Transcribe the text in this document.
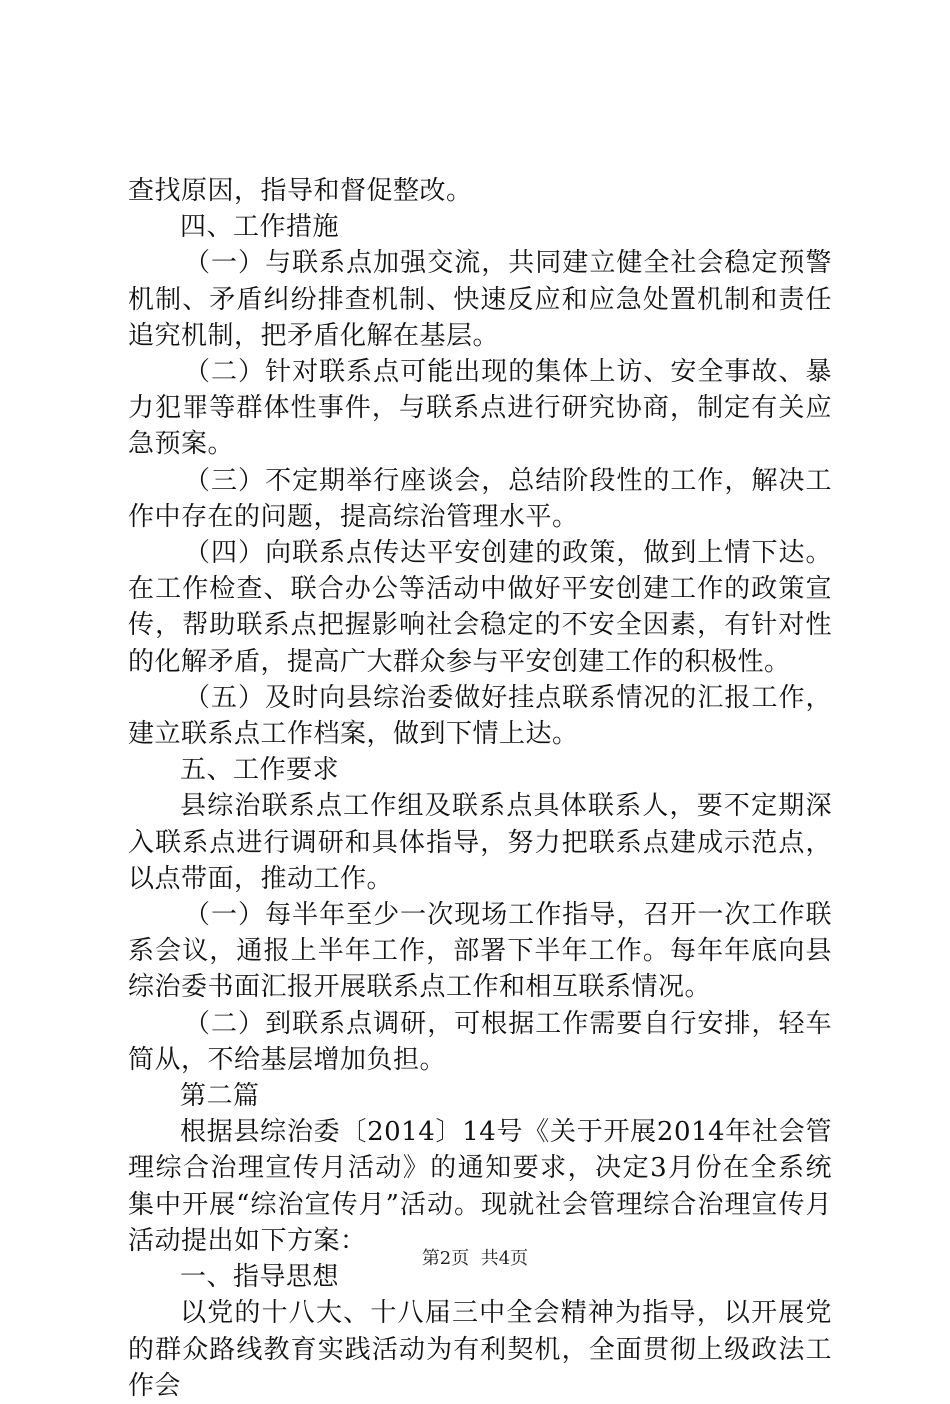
查找原因，指导和督促整改。

四、工作措施

（一）与联系点加强交流，共同建立健全社会稳定预警机制、矛盾纠纷排查机制、快速反应和应急处置机制和责任追究机制，把矛盾化解在基层。

（二）针对联系点可能出现的集体上访、安全事故、暴力犯罪等群体性事件，与联系点进行研究协商，制定有关应急预案。

（三）不定期举行座谈会，总结阶段性的工作，解决工作中存在的问题，提高综治管理水平。

（四）向联系点传达平安创建的政策，做到上情下达。在工作检查、联合办公等活动中做好平安创建工作的政策宣传，帮助联系点把握影响社会稳定的不安全因素，有针对性的化解矛盾，提高广大群众参与平安创建工作的积极性。

（五）及时向县综治委做好挂点联系情况的汇报工作，建立联系点工作档案，做到下情上达。

五、工作要求

县综治联系点工作组及联系点具体联系人，要不定期深入联系点进行调研和具体指导，努力把联系点建成示范点，以点带面，推动工作。

（一）每半年至少一次现场工作指导，召开一次工作联系会议，通报上半年工作，部署下半年工作。每年年底向县综治委书面汇报开展联系点工作和相互联系情况。

（二）到联系点调研，可根据工作需要自行安排，轻车简从，不给基层增加负担。

第二篇

根据县综治委〔2014〕14号《关于开展2014年社会管理综合治理宣传月活动》的通知要求，决定3月份在全系统集中开展“综治宣传月”活动。现就社会管理综合治理宣传月活动提出如下方案：

一、指导思想

以党的十八大、十八届三中全会精神为指导，以开展党的群众路线教育实践活动为有利契机，全面贯彻上级政法工作会

第2页  共4页
